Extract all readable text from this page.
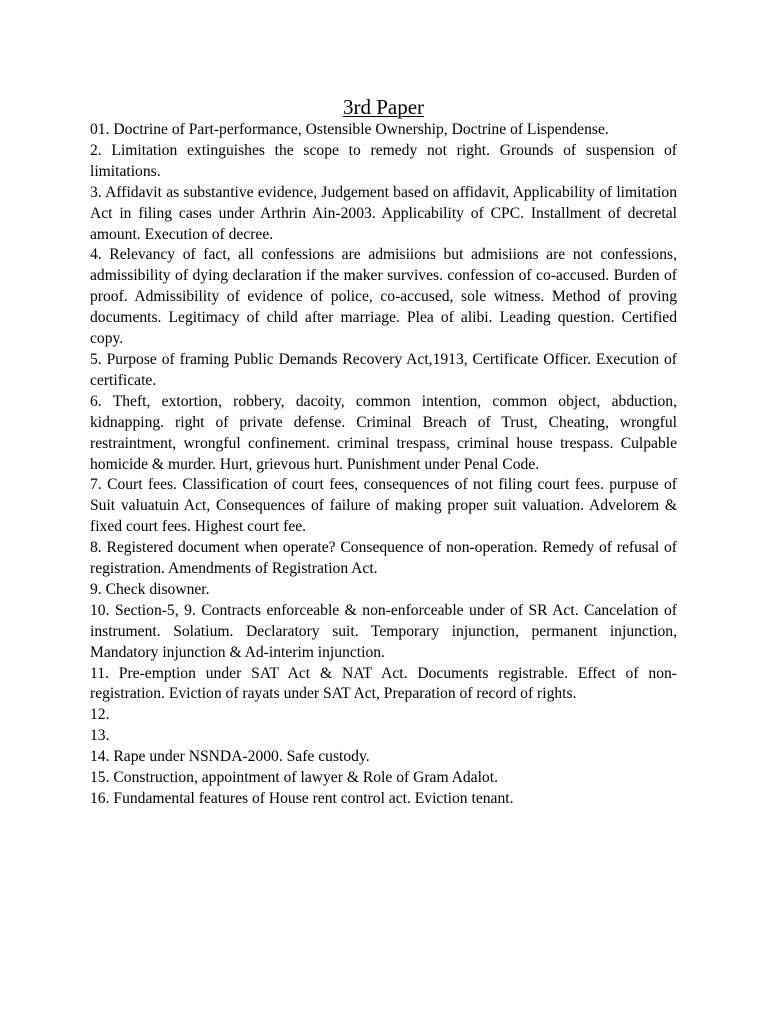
3rd Paper

01. Doctrine of Part-performance, Ostensible Ownership, Doctrine of Lispendense.

2. Limitation extinguishes the scope to remedy not right. Grounds of suspension of limitations.

3. Affidavit as substantive evidence, Judgement based on affidavit, Applicability of limitation Act in filing cases under Arthrin Ain-2003. Applicability of CPC. Installment of decretal amount. Execution of decree.

4. Relevancy of fact, all confessions are admisiions but admisiions are not confessions, admissibility of dying declaration if the maker survives. confession of co-accused. Burden of proof. Admissibility of evidence of police, co-accused, sole witness. Method of proving documents. Legitimacy of child after marriage. Plea of alibi. Leading question. Certified copy.

5. Purpose of framing Public Demands Recovery Act,1913, Certificate Officer. Execution of certificate.

6. Theft, extortion, robbery, dacoity, common intention, common object, abduction, kidnapping. right of private defense. Criminal Breach of Trust, Cheating, wrongful restraintment, wrongful confinement. criminal trespass, criminal house trespass. Culpable homicide & murder. Hurt, grievous hurt. Punishment under Penal Code.

7. Court fees. Classification of court fees, consequences of not filing court fees. purpuse of Suit valuatuin Act, Consequences of failure of making proper suit valuation. Advelorem & fixed court fees. Highest court fee.

8. Registered document when operate? Consequence of non-operation. Remedy of refusal of registration. Amendments of Registration Act.

9. Check disowner.

10. Section-5, 9. Contracts enforceable & non-enforceable under of SR Act. Cancelation of instrument. Solatium. Declaratory suit. Temporary injunction, permanent injunction, Mandatory injunction & Ad-interim injunction.

11. Pre-emption under SAT Act & NAT Act. Documents registrable. Effect of non-registration. Eviction of rayats under SAT Act, Preparation of record of rights.

12.

13.

14. Rape under NSNDA-2000. Safe custody.

15. Construction, appointment of lawyer & Role of Gram Adalot.

16. Fundamental features of House rent control act. Eviction tenant.
